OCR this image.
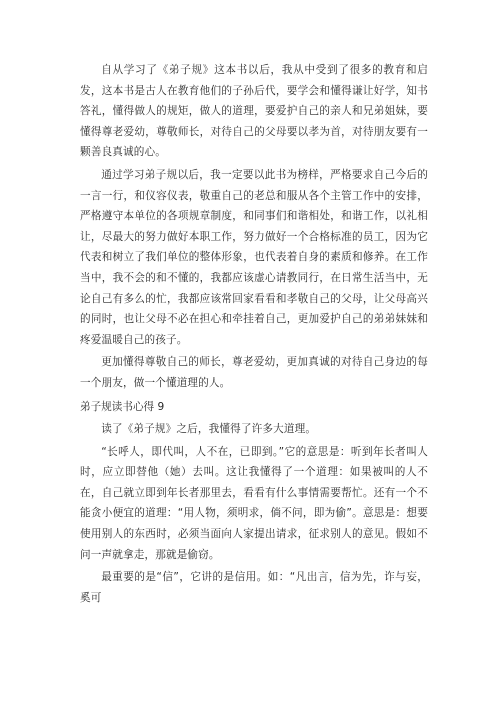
自从学习了《弟子规》这本书以后，我从中受到了很多的教育和启发，这本书是古人在教育他们的子孙后代，要学会和懂得谦让好学，知书答礼，懂得做人的规矩，做人的道理，要爱护自己的亲人和兄弟姐妹，要懂得尊老爱幼，尊敬师长，对待自己的父母要以孝为首，对待朋友要有一颗善良真诚的心。

通过学习弟子规以后，我一定要以此书为榜样，严格要求自己今后的一言一行，和仪容仪表，敬重自己的老总和服从各个主管工作中的安排，严格遵守本单位的各项规章制度，和同事们和谐相处，和谐工作，以礼相让，尽最大的努力做好本职工作，努力做好一个合格标准的员工，因为它代表和树立了我们单位的整体形象，也代表着自身的素质和修养。在工作当中，我不会的和不懂的，我都应该虚心请教同行，在日常生活当中，无论自己有多么的忙，我都应该常回家看看和孝敬自己的父母，让父母高兴的同时，也让父母不必在担心和牵挂着自己，更加爱护自己的弟弟妹妹和疼爱温暖自己的孩子。

更加懂得尊敬自己的师长，尊老爱幼，更加真诚的对待自己身边的每一个朋友，做一个懂道理的人。

弟子规读书心得 9

读了《弟子规》之后，我懂得了许多大道理。

“长呼人，即代叫，人不在，已即到。”它的意思是：听到年长者叫人时，应立即替他（她）去叫。这让我懂得了一个道理：如果被叫的人不在，自己就立即到年长者那里去，看看有什么事情需要帮忙。还有一个不能贪小便宜的道理：“用人物，须明求，倘不问，即为偷”。意思是：想要使用别人的东西时，必须当面向人家提出请求，征求别人的意见。假如不问一声就拿走，那就是偷窃。

最重要的是“信”，它讲的是信用。如：“凡出言，信为先，诈与妄，奚可
